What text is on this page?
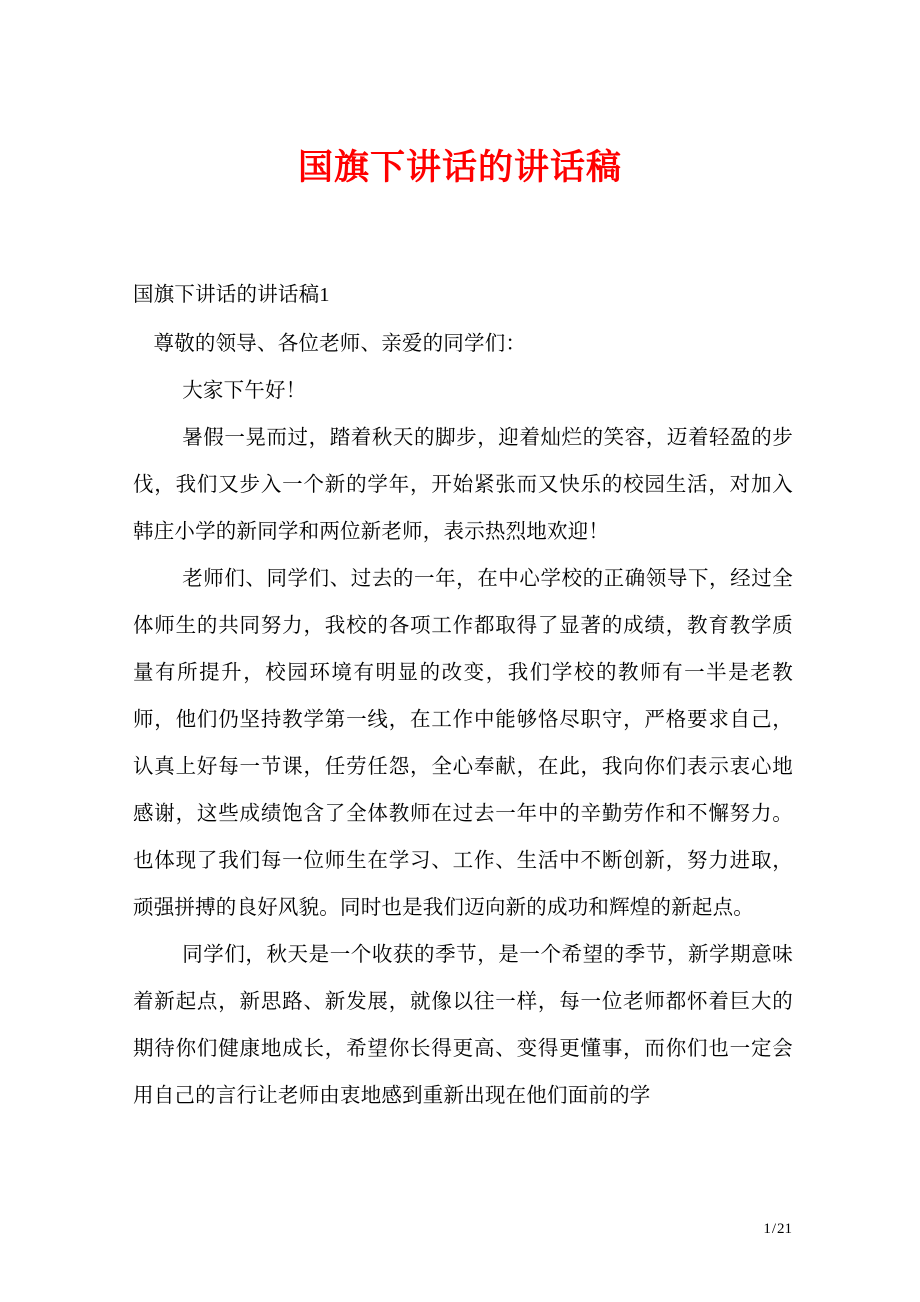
国旗下讲话的讲话稿

国旗下讲话的讲话稿1

尊敬的领导、各位老师、亲爱的同学们：

大家下午好！

暑假一晃而过，踏着秋天的脚步，迎着灿烂的笑容，迈着轻盈的步伐，我们又步入一个新的学年，开始紧张而又快乐的校园生活，对加入韩庄小学的新同学和两位新老师，表示热烈地欢迎！

老师们、同学们、过去的一年，在中心学校的正确领导下，经过全体师生的共同努力，我校的各项工作都取得了显著的成绩，教育教学质量有所提升，校园环境有明显的改变，我们学校的教师有一半是老教师，他们仍坚持教学第一线，在工作中能够恪尽职守，严格要求自己，认真上好每一节课，任劳任怨，全心奉献，在此，我向你们表示衷心地感谢，这些成绩饱含了全体教师在过去一年中的辛勤劳作和不懈努力。也体现了我们每一位师生在学习、工作、生活中不断创新，努力进取，顽强拼搏的良好风貌。同时也是我们迈向新的成功和辉煌的新起点。

同学们，秋天是一个收获的季节，是一个希望的季节，新学期意味着新起点，新思路、新发展，就像以往一样，每一位老师都怀着巨大的期待你们健康地成长，希望你长得更高、变得更懂事，而你们也一定会用自己的言行让老师由衷地感到重新出现在他们面前的学

1/21
